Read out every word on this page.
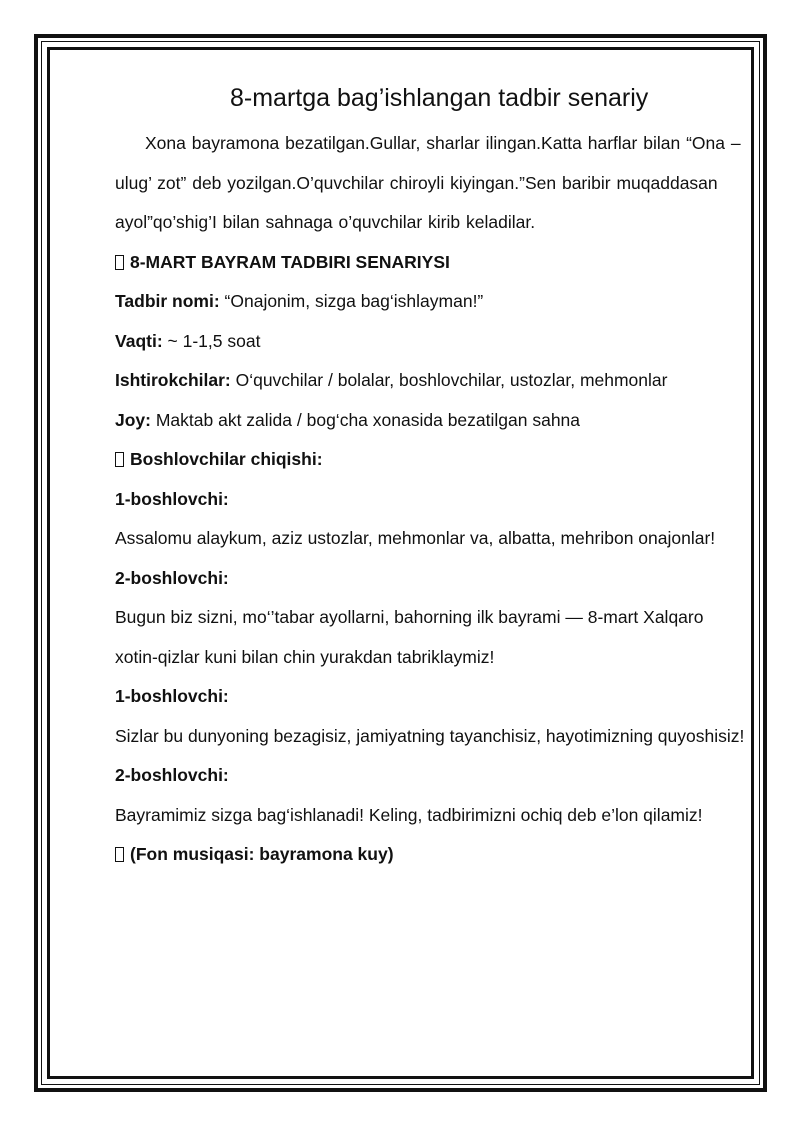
8-martga bag’ishlangan tadbir senariy

Xona bayramona bezatilgan.Gullar, sharlar ilingan.Katta harflar bilan “Ona –ulug’ zot” deb yozilgan.O’quvchilar chiroyli kiyingan.”Sen baribir muqaddasan ayol”qo’shig’I bilan sahnaga o’quvchilar kirib keladilar.

8-MART BAYRAM TADBIRI SENARIYSI

Tadbir nomi: “Onajonim, sizga bag‘ishlayman!”

Vaqti: ~ 1-1,5 soat

Ishtirokchilar: O‘quvchilar / bolalar, boshlovchilar, ustozlar, mehmonlar

Joy: Maktab akt zalida / bog‘cha xonasida bezatilgan sahna

Boshlovchilar chiqishi:

1-boshlovchi:

Assalomu alaykum, aziz ustozlar, mehmonlar va, albatta, mehribon onajonlar!

2-boshlovchi:

Bugun biz sizni, mo‘’tabar ayollarni, bahorning ilk bayrami — 8-mart Xalqaro xotin-qizlar kuni bilan chin yurakdan tabriklaymiz!

1-boshlovchi:

Sizlar bu dunyoning bezagisiz, jamiyatning tayanchisiz, hayotimizning quyoshisiz!

2-boshlovchi:

Bayramimiz sizga bag‘ishlanadi! Keling, tadbirimizni ochiq deb e’lon qilamiz!

(Fon musiqasi: bayramona kuy)
